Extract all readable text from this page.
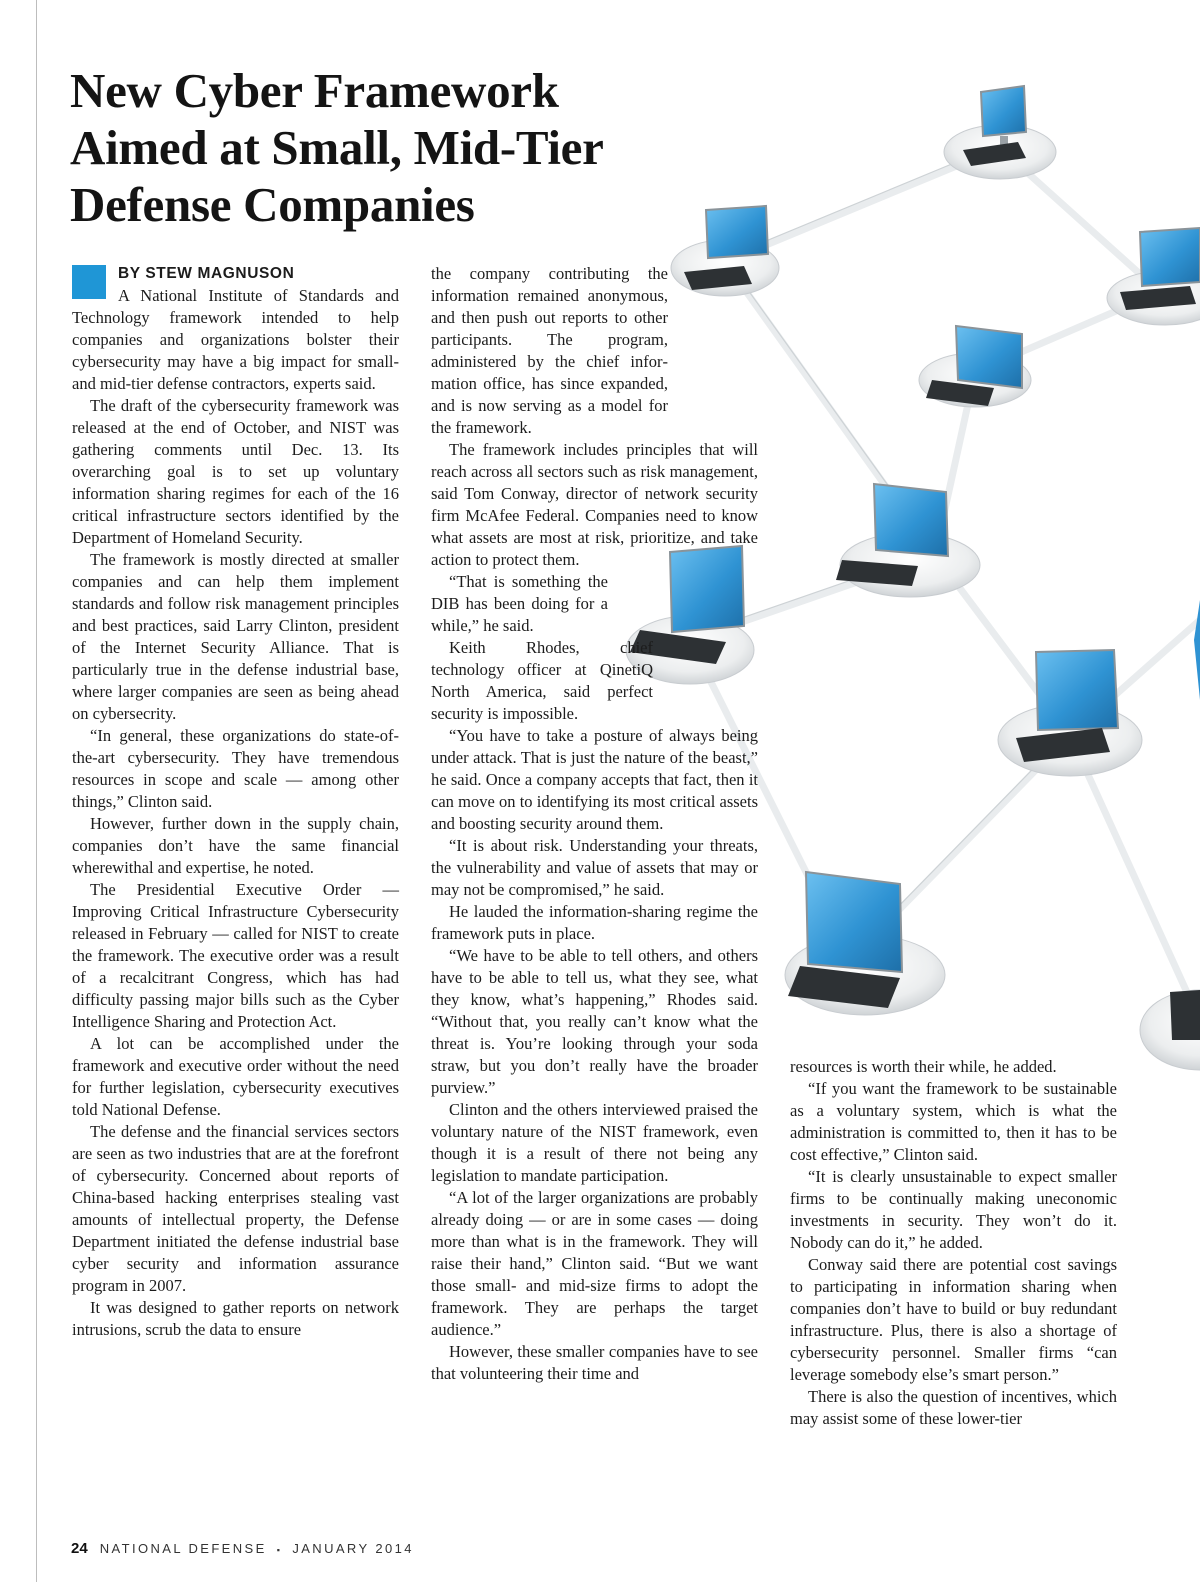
New Cyber Framework
Aimed at Small, Mid-Tier
Defense Companies
BY STEW MAGNUSON

A National Institute of Standards and Technology framework intended to help companies and organizations bolster their cybersecurity may have a big impact for small- and mid-tier defense contractors, experts said.

The draft of the cybersecurity framework was released at the end of October, and NIST was gathering comments until Dec. 13. Its overarching goal is to set up voluntary information sharing regimes for each of the 16 critical infrastructure sectors identified by the Department of Homeland Security.

The framework is mostly directed at smaller companies and can help them implement standards and follow risk management principles and best practices, said Larry Clinton, president of the Internet Security Alliance. That is particularly true in the defense industrial base, where larger companies are seen as being ahead on cybersecrity.

“In general, these organizations do state-of-the-art cybersecurity. They have tremendous resources in scope and scale — among other things,” Clinton said.

However, further down in the supply chain, companies don’t have the same financial wherewithal and expertise, he noted.

The Presidential Executive Order — Improving Critical Infrastructure Cybersecurity released in February — called for NIST to create the framework. The executive order was a result of a recalcitrant Congress, which has had difficulty passing major bills such as the Cyber Intelligence Sharing and Protection Act.

A lot can be accomplished under the framework and executive order without the need for further legislation, cybersecurity executives told National Defense.

The defense and the financial services sectors are seen as two industries that are at the forefront of cybersecurity. Concerned about reports of China-based hacking enterprises stealing vast amounts of intellectual property, the Defense Department initiated the defense industrial base cyber security and information assurance program in 2007.

It was designed to gather reports on network intrusions, scrub the data to ensure

the company contributing the information remained anonymous, and then push out reports to other participants. The program, administered by the chief information office, has since expanded, and is now serving as a model for the framework.

The framework includes principles that will reach across all sectors such as risk management, said Tom Conway, director of network security firm McAfee Federal. Companies need to know what assets are most at risk, prioritize, and take action to protect them.

“That is something the DIB has been doing for a while,” he said.

Keith Rhodes, chief technology officer at QinetiQ North America, said perfect security is impossible.

“You have to take a posture of always being under attack. That is just the nature of the beast,” he said. Once a company accepts that fact, then it can move on to identifying its most critical assets and boosting security around them.

“It is about risk. Understanding your threats, the vulnerability and value of assets that may or may not be compromised,” he said.

He lauded the information-sharing regime the framework puts in place.

“We have to be able to tell others, and others have to be able to tell us, what they see, what they know, what’s happening,” Rhodes said. “Without that, you really can’t know what the threat is. You’re looking through your soda straw, but you don’t really have the broader purview.”

Clinton and the others interviewed praised the voluntary nature of the NIST framework, even though it is a result of there not being any legislation to mandate participation.

“A lot of the larger organizations are probably already doing — or are in some cases — doing more than what is in the framework. They will raise their hand,” Clinton said. “But we want those small- and mid-size firms to adopt the framework. They are perhaps the target audience.”

However, these smaller companies have to see that volunteering their time and

resources is worth their while, he added.

“If you want the framework to be sustainable as a voluntary system, which is what the administration is committed to, then it has to be cost effective,” Clinton said.

“It is clearly unsustainable to expect smaller firms to be continually making uneconomic investments in security. They won’t do it. Nobody can do it,” he added.

Conway said there are potential cost savings to participating in information sharing when companies don’t have to build or buy redundant infrastructure. Plus, there is also a shortage of cybersecurity personnel. Smaller firms “can leverage somebody else’s smart person.”

There is also the question of incentives, which may assist some of these lower-tier

24 NATIONAL DEFENSE ▪ JANUARY 2014
